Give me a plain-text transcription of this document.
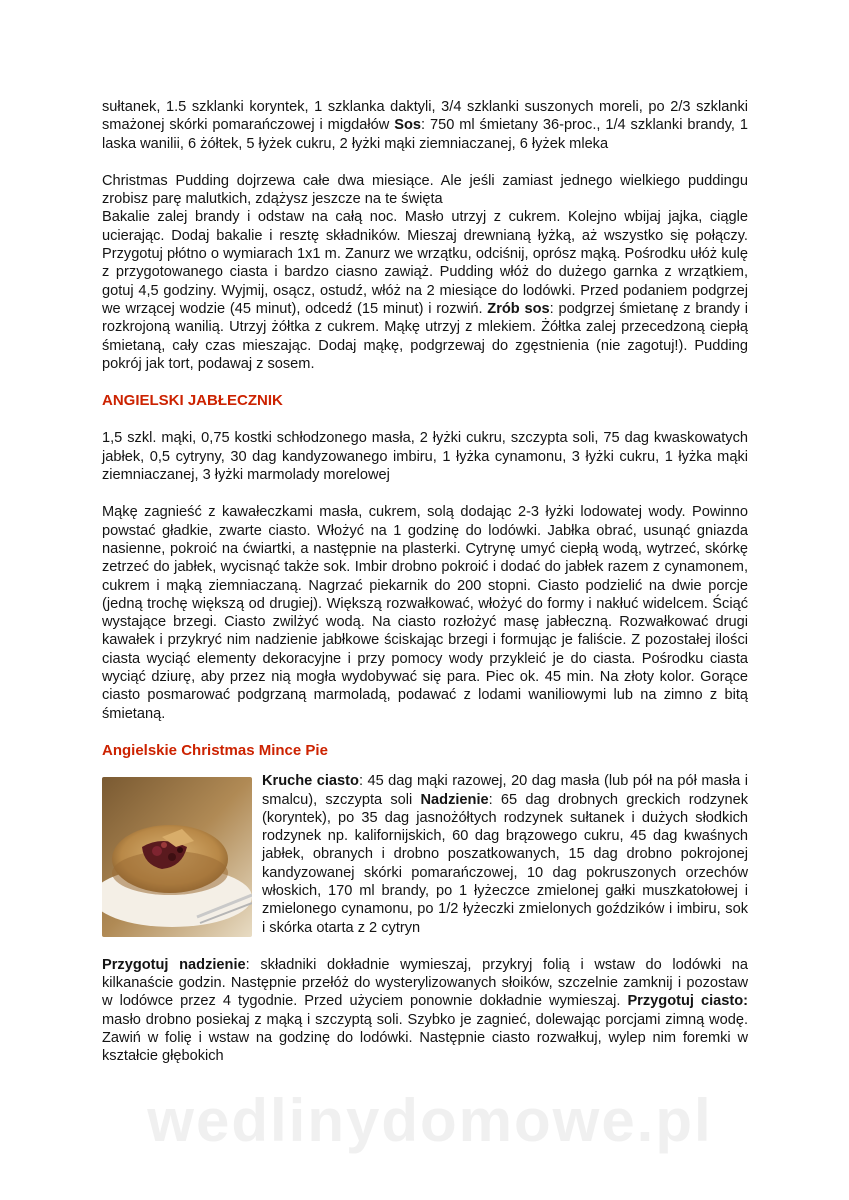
sułtanek, 1.5 szklanki koryntek, 1 szklanka daktyli, 3/4 szklanki suszonych moreli, po 2/3 szklanki smażonej skórki pomarańczowej i migdałów Sos: 750 ml śmietany 36-proc., 1/4 szklanki brandy, 1 laska wanilii, 6 żółtek, 5 łyżek cukru, 2 łyżki mąki ziemniaczanej, 6 łyżek mleka

Christmas Pudding dojrzewa całe dwa miesiące. Ale jeśli zamiast jednego wielkiego puddingu zrobisz parę malutkich, zdążysz jeszcze na te święta

Bakalie zalej brandy i odstaw na całą noc. Masło utrzyj z cukrem. Kolejno wbijaj jajka, ciągle ucierając. Dodaj bakalie i resztę składników. Mieszaj drewnianą łyżką, aż wszystko się połączy. Przygotuj płótno o wymiarach 1x1 m. Zanurz we wrzątku, odciśnij, oprósz mąką. Pośrodku ułóż kulę z przygotowanego ciasta i bardzo ciasno zawiąż. Pudding włóż do dużego garnka z wrzątkiem, gotuj 4,5 godziny. Wyjmij, osącz, ostudź, włóż na 2 miesiące do lodówki. Przed podaniem podgrzej we wrzącej wodzie (45 minut), odcedź (15 minut) i rozwiń. Zrób sos: podgrzej śmietanę z brandy i rozkrojoną wanilią. Utrzyj żółtka z cukrem. Mąkę utrzyj z mlekiem. Żółtka zalej przecedzoną ciepłą śmietaną, cały czas mieszając. Dodaj mąkę, podgrzewaj do zgęstnienia (nie zagotuj!). Pudding pokrój jak tort, podawaj z sosem.

ANGIELSKI JABŁECZNIK

1,5 szkl. mąki, 0,75 kostki schłodzonego masła, 2 łyżki cukru, szczypta soli, 75 dag kwaskowatych jabłek, 0,5 cytryny, 30 dag kandyzowanego imbiru, 1 łyżka cynamonu, 3 łyżki cukru, 1 łyżka mąki ziemniaczanej, 3 łyżki marmolady morelowej

Mąkę zagnieść z kawałeczkami masła, cukrem, solą dodając 2-3 łyżki lodowatej wody. Powinno powstać gładkie, zwarte ciasto. Włożyć na 1 godzinę do lodówki. Jabłka obrać, usunąć gniazda nasienne, pokroić na ćwiartki, a następnie na plasterki. Cytrynę umyć ciepłą wodą, wytrzeć, skórkę zetrzeć do jabłek, wycisnąć także sok. Imbir drobno pokroić i dodać do jabłek razem z cynamonem, cukrem i mąką ziemniaczaną. Nagrzać piekarnik do 200 stopni. Ciasto podzielić na dwie porcje (jedną trochę większą od drugiej). Większą rozwałkować, włożyć do formy i nakłuć widelcem. Ściąć wystające brzegi. Ciasto zwilżyć wodą. Na ciasto rozłożyć masę jabłeczną. Rozwałkować drugi kawałek i przykryć nim nadzienie jabłkowe ściskając brzegi i formując je faliście. Z pozostałej ilości ciasta wyciąć elementy dekoracyjne i przy pomocy wody przykleić je do ciasta. Pośrodku ciasta wyciąć dziurę, aby przez nią mogła wydobywać się para. Piec ok. 45 min. Na złoty kolor. Gorące ciasto posmarować podgrzaną marmoladą, podawać z lodami waniliowymi lub na zimno z bitą śmietaną.

Angielskie Christmas Mince Pie

Kruche ciasto: 45 dag mąki razowej, 20 dag masła (lub pół na pół masła i smalcu), szczypta soli Nadzienie: 65 dag drobnych greckich rodzynek (koryntek), po 35 dag jasnożółtych rodzynek sułtanek i dużych słodkich rodzynek np. kalifornijskich, 60 dag brązowego cukru, 45 dag kwaśnych jabłek, obranych i drobno poszatkowanych, 15 dag drobno pokrojonej kandyzowanej skórki pomarańczowej, 10 dag pokruszonych orzechów włoskich, 170 ml brandy, po 1 łyżeczce zmielonej gałki muszkatołowej i zmielonego cynamonu, po 1/2 łyżeczki zmielonych goździków i imbiru, sok i skórka otarta z 2 cytryn

Przygotuj nadzienie: składniki dokładnie wymieszaj, przykryj folią i wstaw do lodówki na kilkanaście godzin. Następnie przełóż do wysterylizowanych słoików, szczelnie zamknij i pozostaw w lodówce przez 4 tygodnie. Przed użyciem ponownie dokładnie wymieszaj. Przygotuj ciasto: masło drobno posiekaj z mąką i szczyptą soli. Szybko je zagnieć, dolewając porcjami zimną wodę. Zawiń w folię i wstaw na godzinę do lodówki. Następnie ciasto rozwałkuj, wylep nim foremki w kształcie głębokich

wedlinydomowe.pl
